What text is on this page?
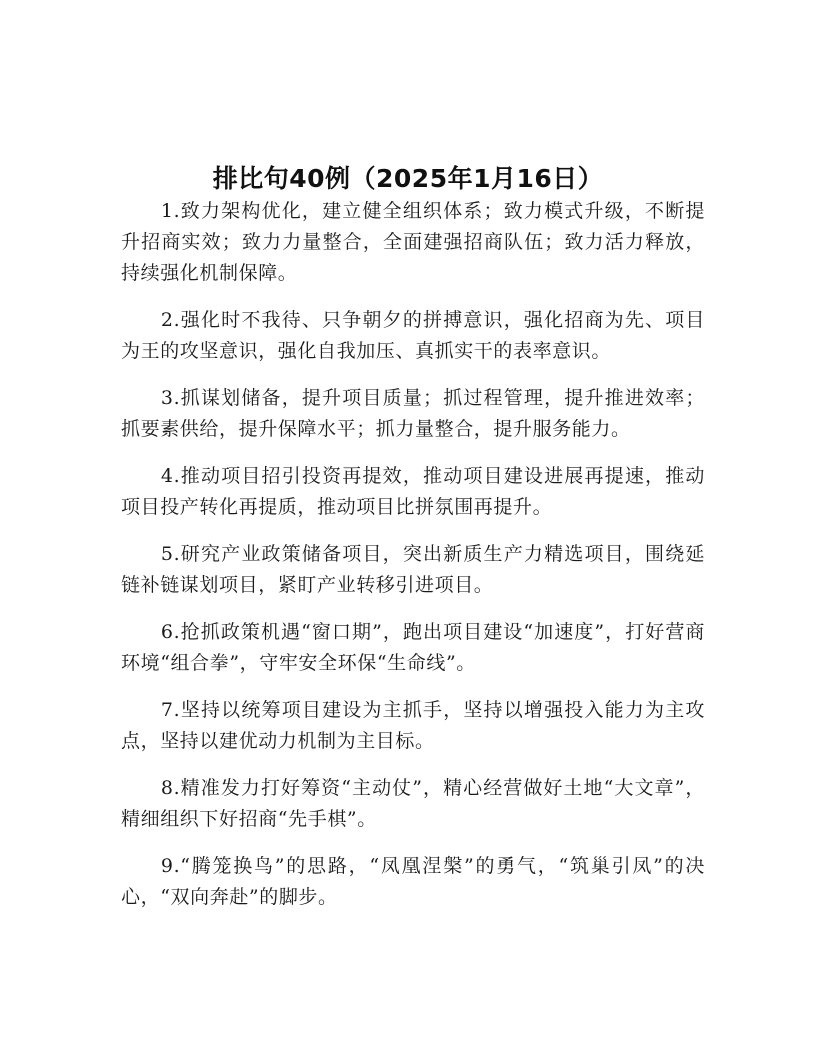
排比句40例（2025年1月16日）

1.致力架构优化，建立健全组织体系；致力模式升级，不断提升招商实效；致力力量整合，全面建强招商队伍；致力活力释放，持续强化机制保障。

2.强化时不我待、只争朝夕的拼搏意识，强化招商为先、项目为王的攻坚意识，强化自我加压、真抓实干的表率意识。

3.抓谋划储备，提升项目质量；抓过程管理，提升推进效率；抓要素供给，提升保障水平；抓力量整合，提升服务能力。

4.推动项目招引投资再提效，推动项目建设进展再提速，推动项目投产转化再提质，推动项目比拼氛围再提升。

5.研究产业政策储备项目，突出新质生产力精选项目，围绕延链补链谋划项目，紧盯产业转移引进项目。

6.抢抓政策机遇“窗口期”，跑出项目建设“加速度”，打好营商环境“组合拳”，守牢安全环保“生命线”。

7.坚持以统筹项目建设为主抓手，坚持以增强投入能力为主攻点，坚持以建优动力机制为主目标。

8.精准发力打好筹资“主动仗”，精心经营做好土地“大文章”，精细组织下好招商“先手棋”。

9.“腾笼换鸟”的思路，“凤凰涅槃”的勇气，“筑巢引凤”的决心，“双向奔赴”的脚步。
